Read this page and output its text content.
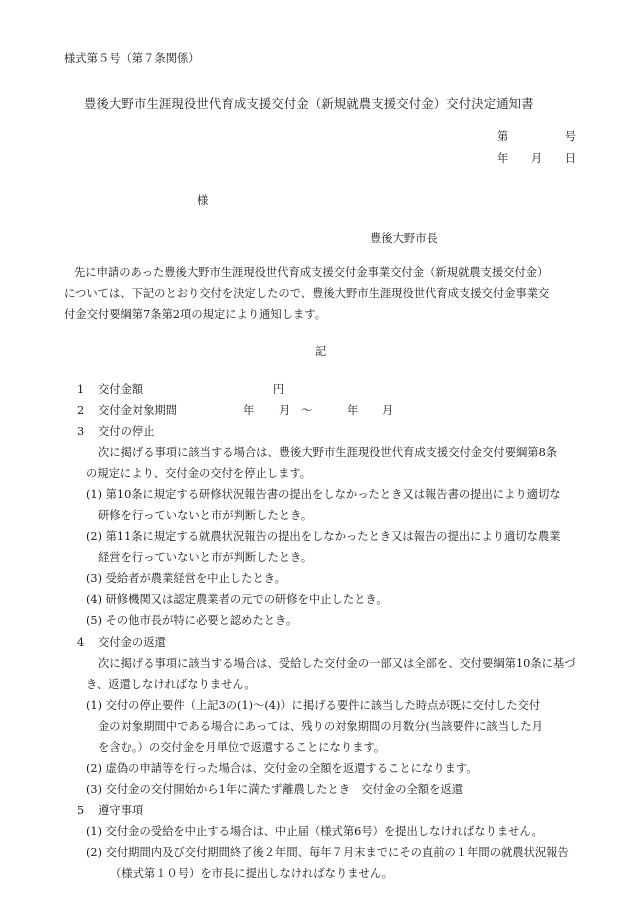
様式第５号（第７条関係）
豊後大野市生涯現役世代育成支援交付金（新規就農支援交付金）交付決定通知書
第　　　　　号
年　　月　　日
様
豊後大野市長
先に申請のあった豊後大野市生涯現役世代育成支援交付金事業交付金（新規就農支援交付金）
については、下記のとおり交付を決定したので、豊後大野市生涯現役世代育成支援交付金事業交
付金交付要綱第7条第2項の規定により通知します。
記
1 交付金額	円
2 交付金対象期間	年 月 ～	年 月
3 交付の停止
次に掲げる事項に該当する場合は、豊後大野市生涯現役世代育成支援交付金交付要綱第8条
の規定により、交付金の交付を停止します。
(1) 第10条に規定する研修状況報告書の提出をしなかったとき又は報告書の提出により適切な
研修を行っていないと市が判断したとき。
(2) 第11条に規定する就農状況報告の提出をしなかったとき又は報告の提出により適切な農業
経営を行っていないと市が判断したとき。
(3) 受給者が農業経営を中止したとき。
(4) 研修機関又は認定農業者の元での研修を中止したとき。
(5) その他市長が特に必要と認めたとき。
4 交付金の返還
次に掲げる事項に該当する場合は、受給した交付金の一部又は全部を、交付要綱第10条に基づ
き、返還しなければなりません。
(1) 交付の停止要件（上記3の(1)～(4)）に掲げる要件に該当した時点が既に交付した交付
金の対象期間中である場合にあっては、残りの対象期間の月数分(当該要件に該当した月
を含む。）の交付金を月単位で返還することになります。
(2) 虚偽の申請等を行った場合は、交付金の全額を返還することになります。
(3) 交付金の交付開始から1年に満たず離農したとき　交付金の全額を返還
5 遵守事項
(1) 交付金の受給を中止する場合は、中止届（様式第6号）を提出しなければなりません。
(2) 交付期間内及び交付期間終了後２年間、毎年７月末までにその直前の１年間の就農状況報告
（様式第１０号）を市長に提出しなければなりません。
